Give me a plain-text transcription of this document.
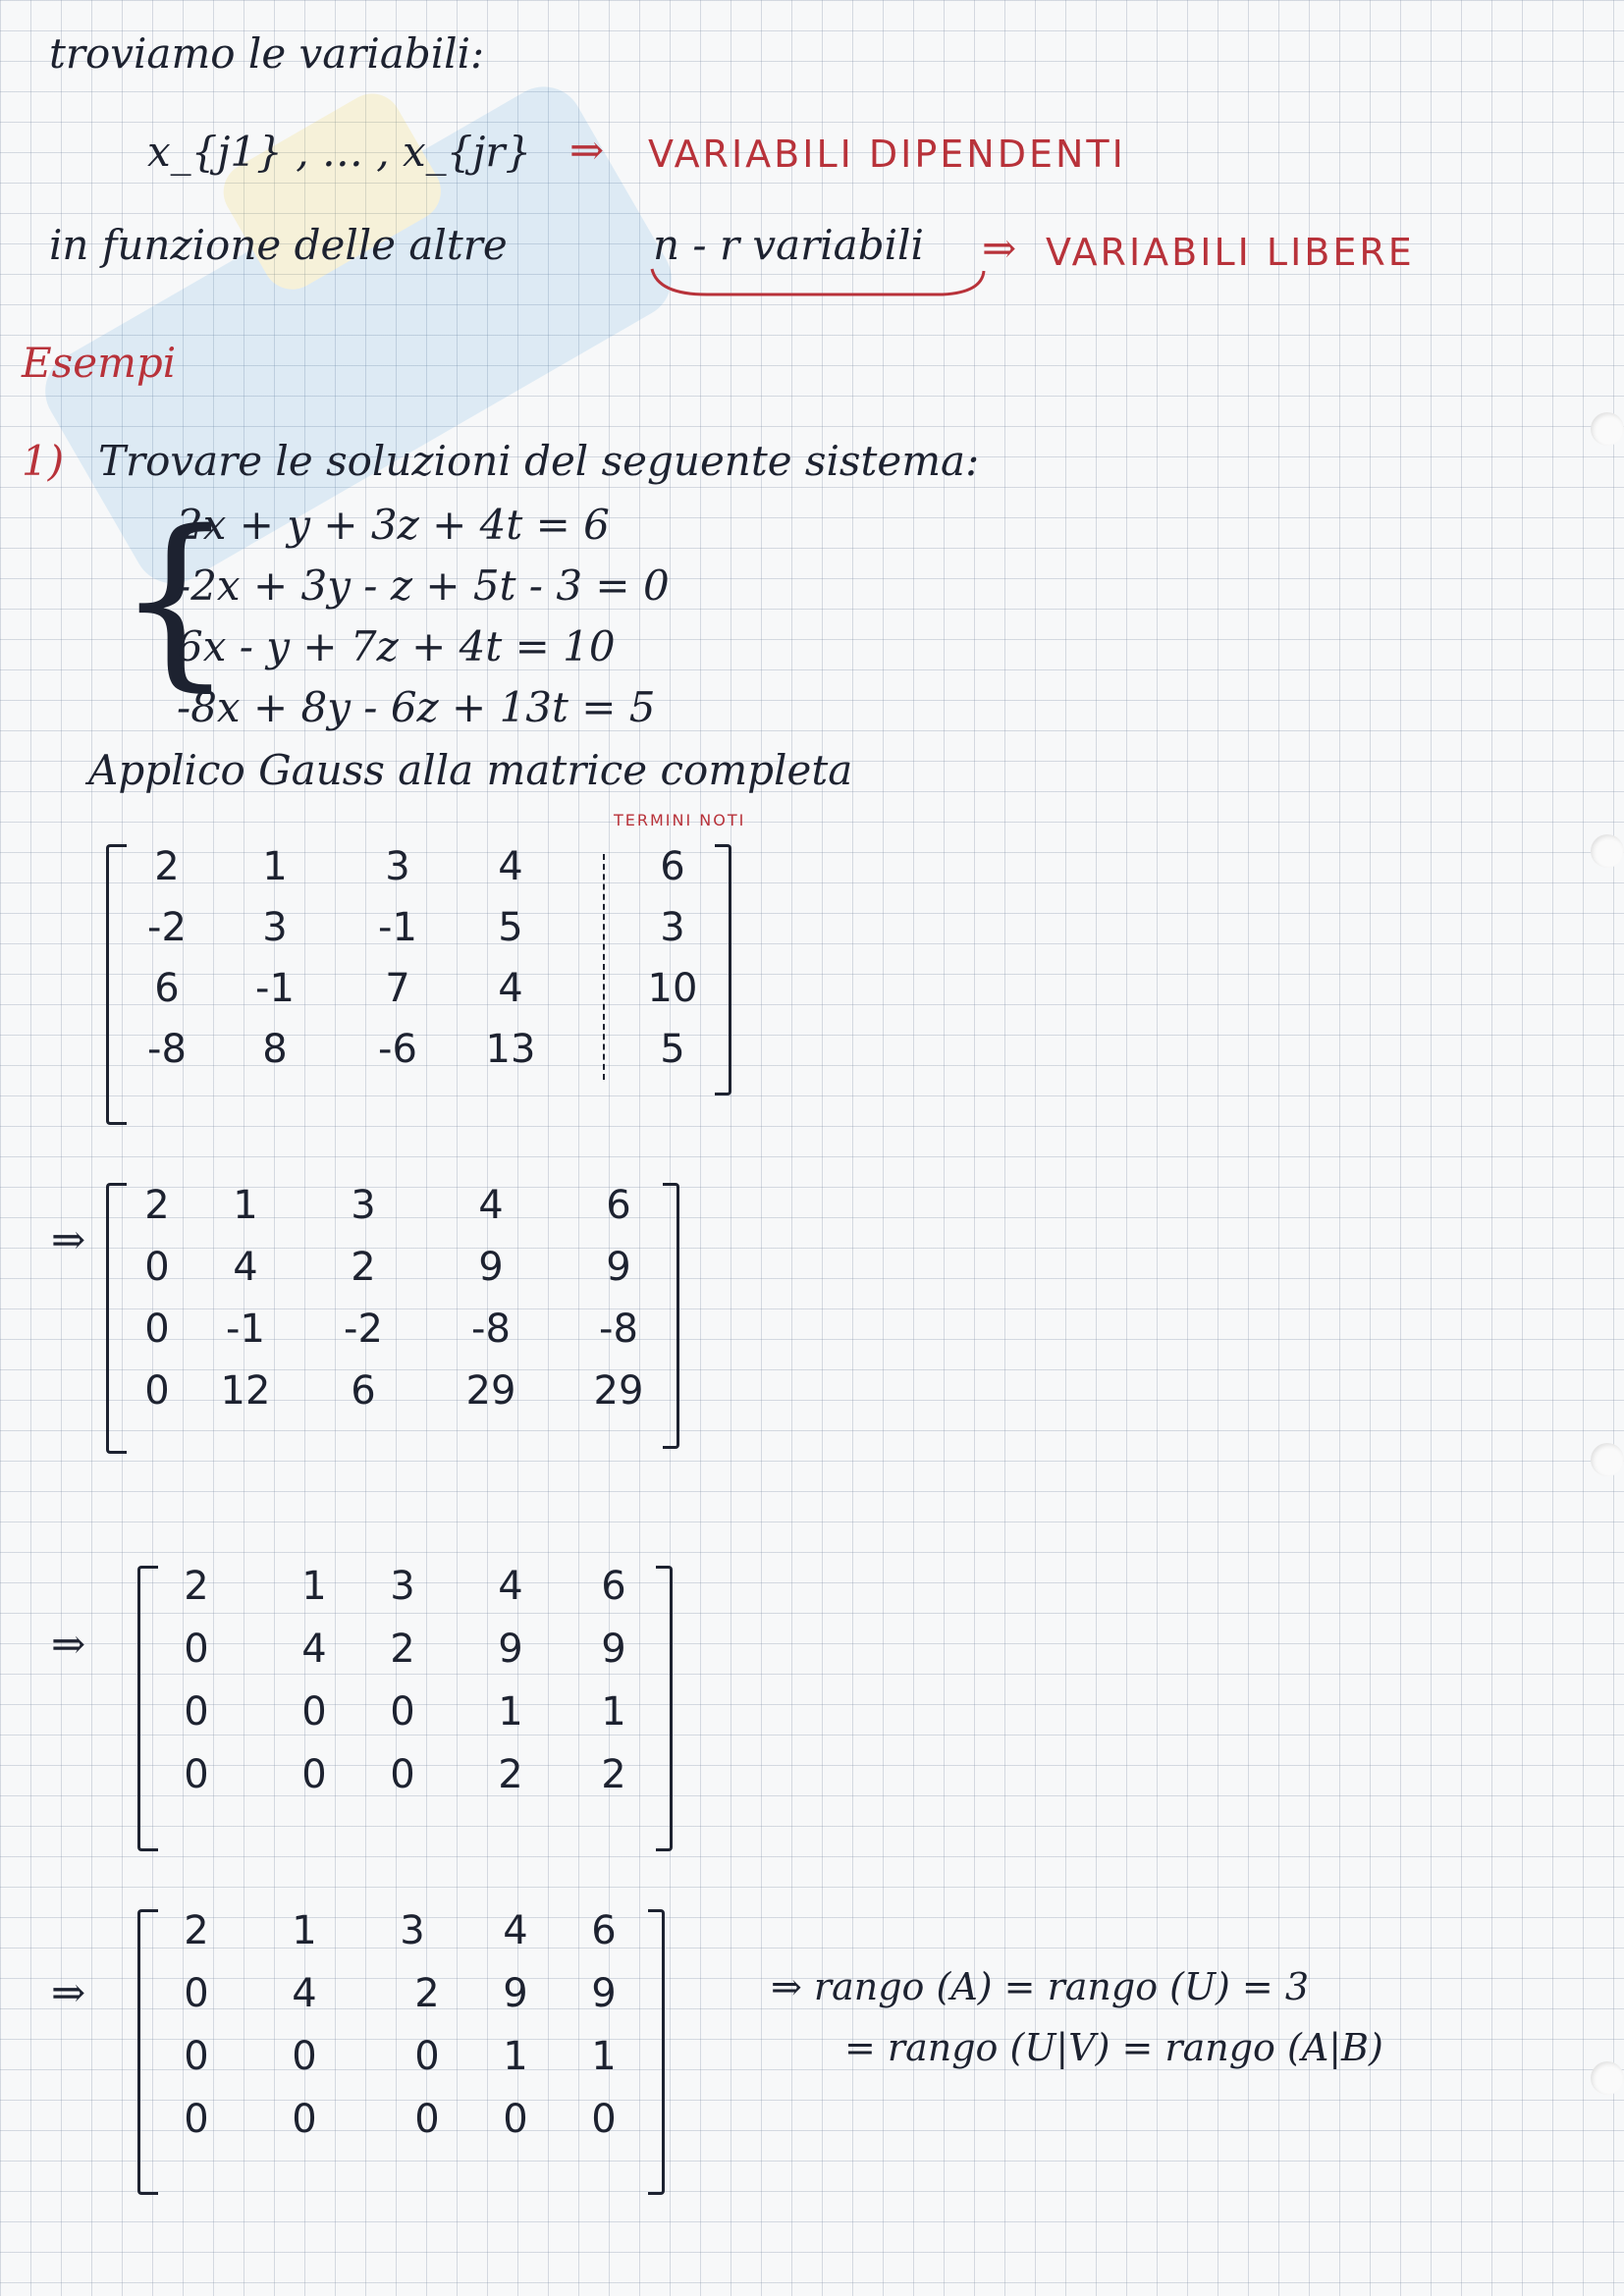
troviamo le variabili:
x_{j1} , … , x_{jr} ⇒ VARIABILI DIPENDENTI
in funzione delle altre	n - r variabili ⇒ VARIABILI LIBERE
Esempi
1) Trovare le soluzioni del seguente sistema:
{
2x + y + 3z + 4t = 6
-2x + 3y - z + 5t - 3 = 0
6x - y + 7z + 4t = 10
-8x + 8y - 6z + 13t = 5
Applico Gauss alla matrice completa
TERMINI NOTI
2	1	3	4	6
-2	3	-1	5	3
6	-1	7	4	10
-8	8	-6	13	5
⇒
2	1	3	4	6
0	4	2	9	9
0	-1	-2	-8	-8
0	12	6	29	29
⇒
2	1	3	4	6
0	4	2	9	9
0	0	0	1	1
0	0	0	2	2
⇒
2	1	3	4	6
0	4	2	9	9
0	0	0	1	1
0	0	0	0	0
⇒ rango (A) = rango (U) = 3
= rango (U|V) = rango (A|B)
